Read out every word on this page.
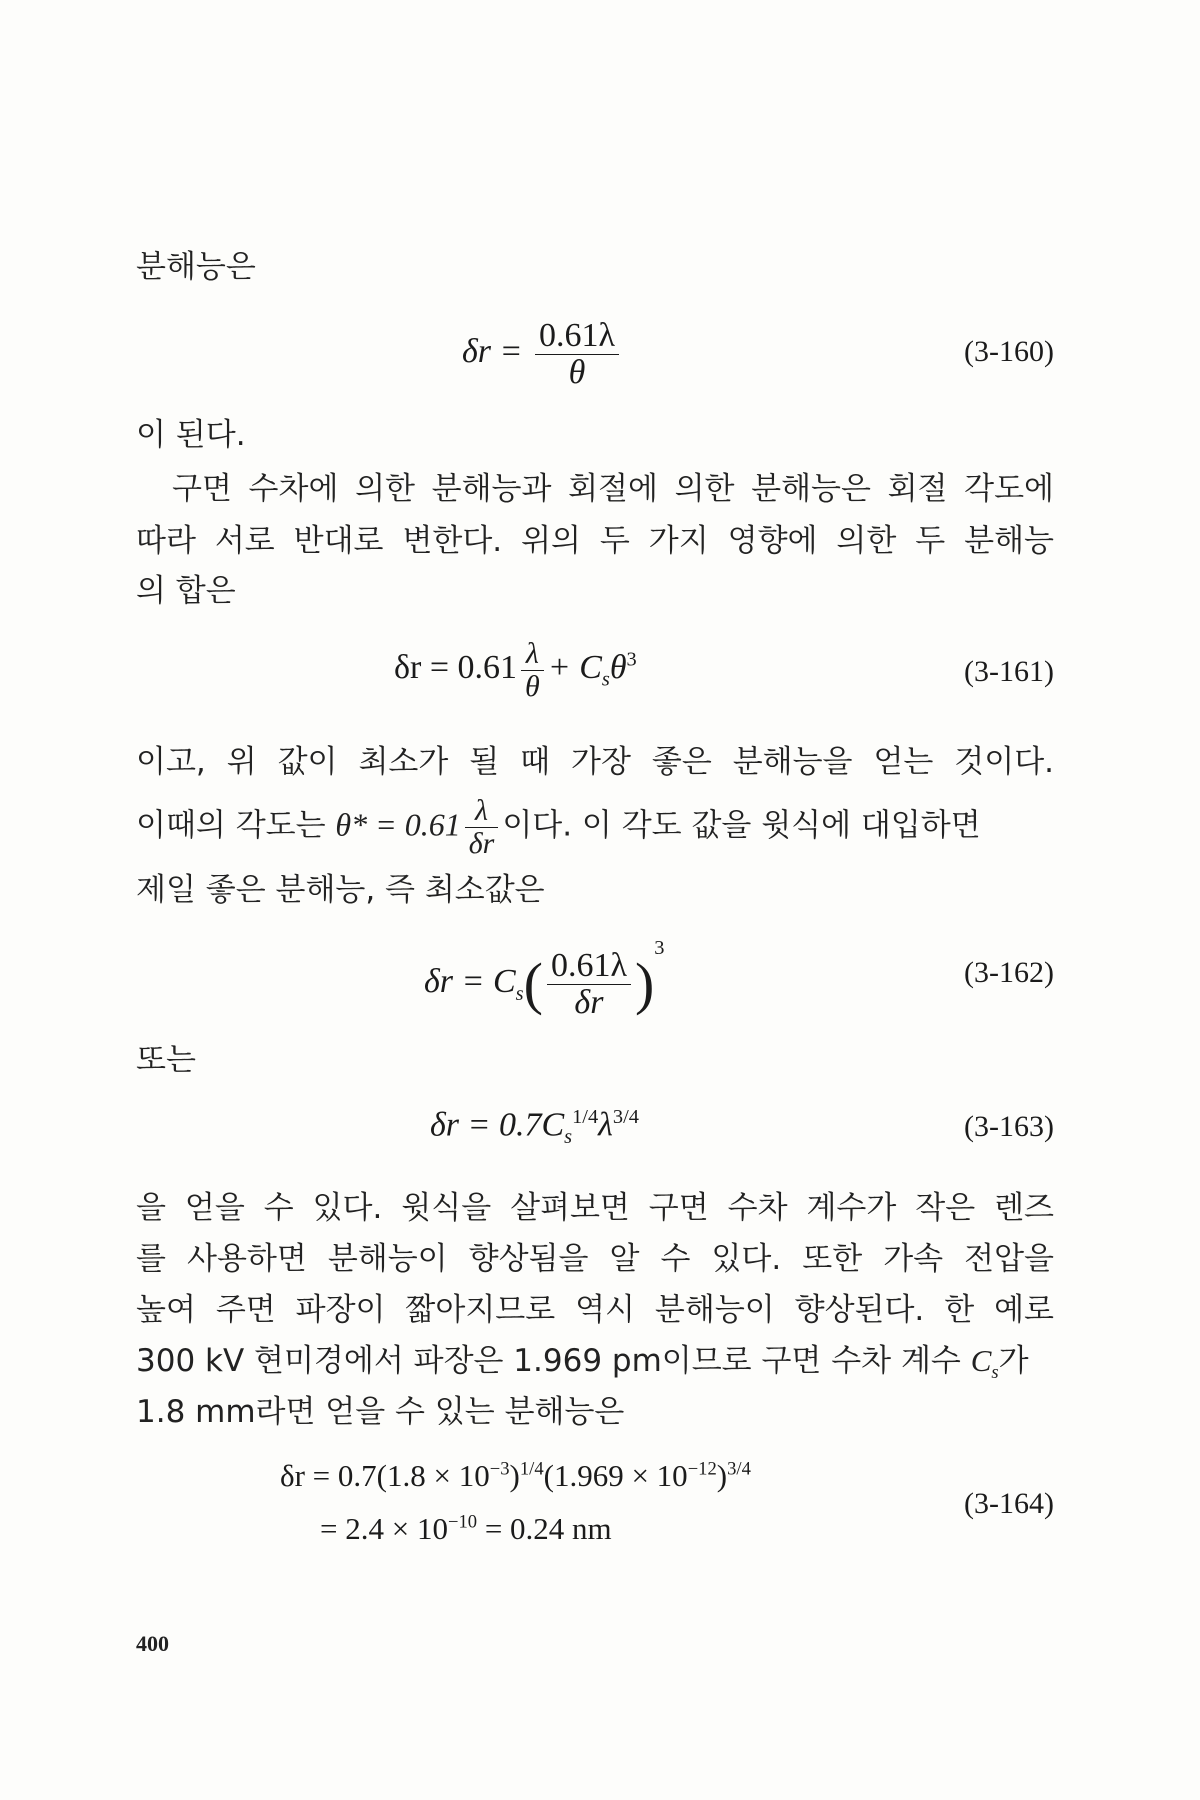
분해능은
$\delta r = \frac{0.61\lambda}{\theta}$	(3-160)
이 된다.
구면 수차에 의한 분해능과 회절에 의한 분해능은 회절 각도에
따라 서로 반대로 변한다. 위의 두 가지 영향에 의한 두 분해능
의 합은
$\delta r = 0.61 \frac{\lambda}{\theta} + C_s\theta^3$	(3-161)
이고, 위 값이 최소가 될 때 가장 좋은 분해능을 얻는 것이다.
이때의 각도는 $\theta* = 0.61 \frac{\lambda}{\delta r}$ 이다. 이 각도 값을 윗식에 대입하면
제일 좋은 분해능, 즉 최소값은
$\delta r = C_s( \frac{0.61\lambda}{\delta r} )^3$
(3-162)
또는
$\delta r = 0.7C_s^{1/4}\lambda^{3/4}$	(3-163)
을 얻을 수 있다. 윗식을 살펴보면 구면 수차 계수가 작은 렌즈
를 사용하면 분해능이 향상됨을 알 수 있다. 또한 가속 전압을
높여 주면 파장이 짧아지므로 역시 분해능이 향상된다. 한 예로
300 kV 현미경에서 파장은 1.969 pm이므로 구면 수차 계수 $C_s$가
1.8 mm라면 얻을 수 있는 분해능은
$\delta r = 0.7(1.8 \times 10^{-3})^{1/4}(1.969 \times 10^{-12})^{3/4}$
= $2.4 \times 10^{-10} = 0.24$ nm
(3-164)
400
